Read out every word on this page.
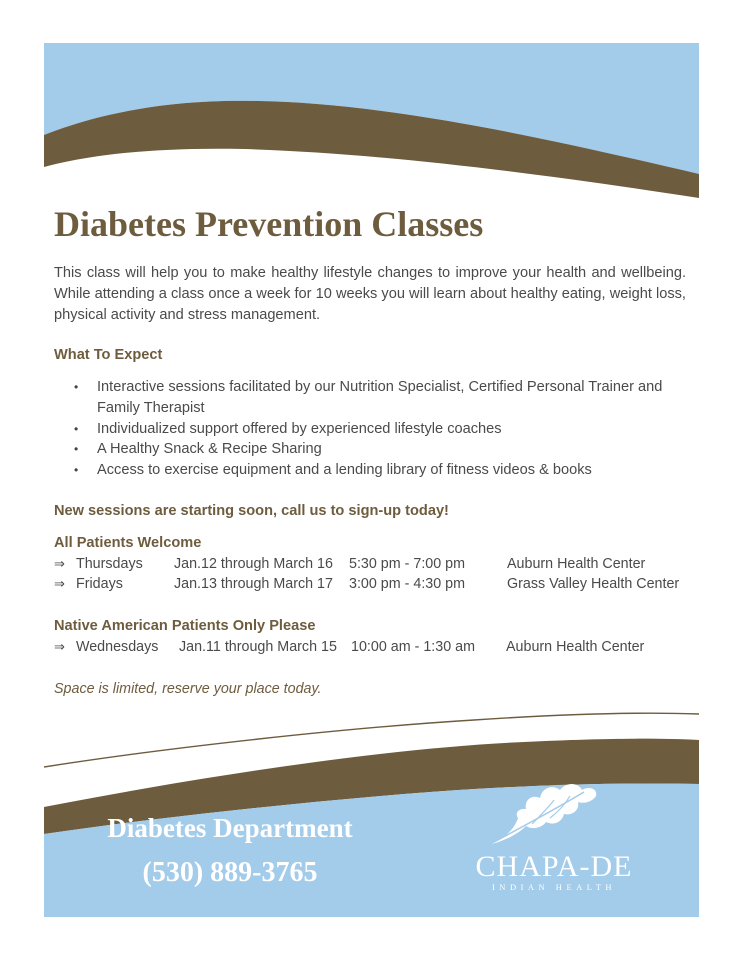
Diabetes Prevention Classes

This class will help you to make healthy lifestyle changes to improve your health and wellbeing. While attending a class once a week for 10 weeks you will learn about healthy eating, weight loss, physical activity and stress management.

What To Expect
• Interactive sessions facilitated by our Nutrition Specialist, Certified Personal Trainer and Family Therapist
• Individualized support offered by experienced lifestyle coaches
• A Healthy Snack & Recipe Sharing
• Access to exercise equipment and a lending library of fitness videos & books
New sessions are starting soon, call us to sign-up today!
All Patients Welcome
⇒ Thursdays Jan.12 through March 16 5:30 pm - 7:00 pm	Auburn Health Center
⇒ Fridays	Jan.13 through March 17 3:00 pm - 4:30 pm	Grass Valley Health Center
Native American Patients Only Please
⇒ Wednesdays Jan.11 through March 15 10:00 am - 1:30 am Auburn Health Center

Space is limited, reserve your place today.

Diabetes Department
(530) 889-3765	CHAPA-DE
INDIAN HEALTH
